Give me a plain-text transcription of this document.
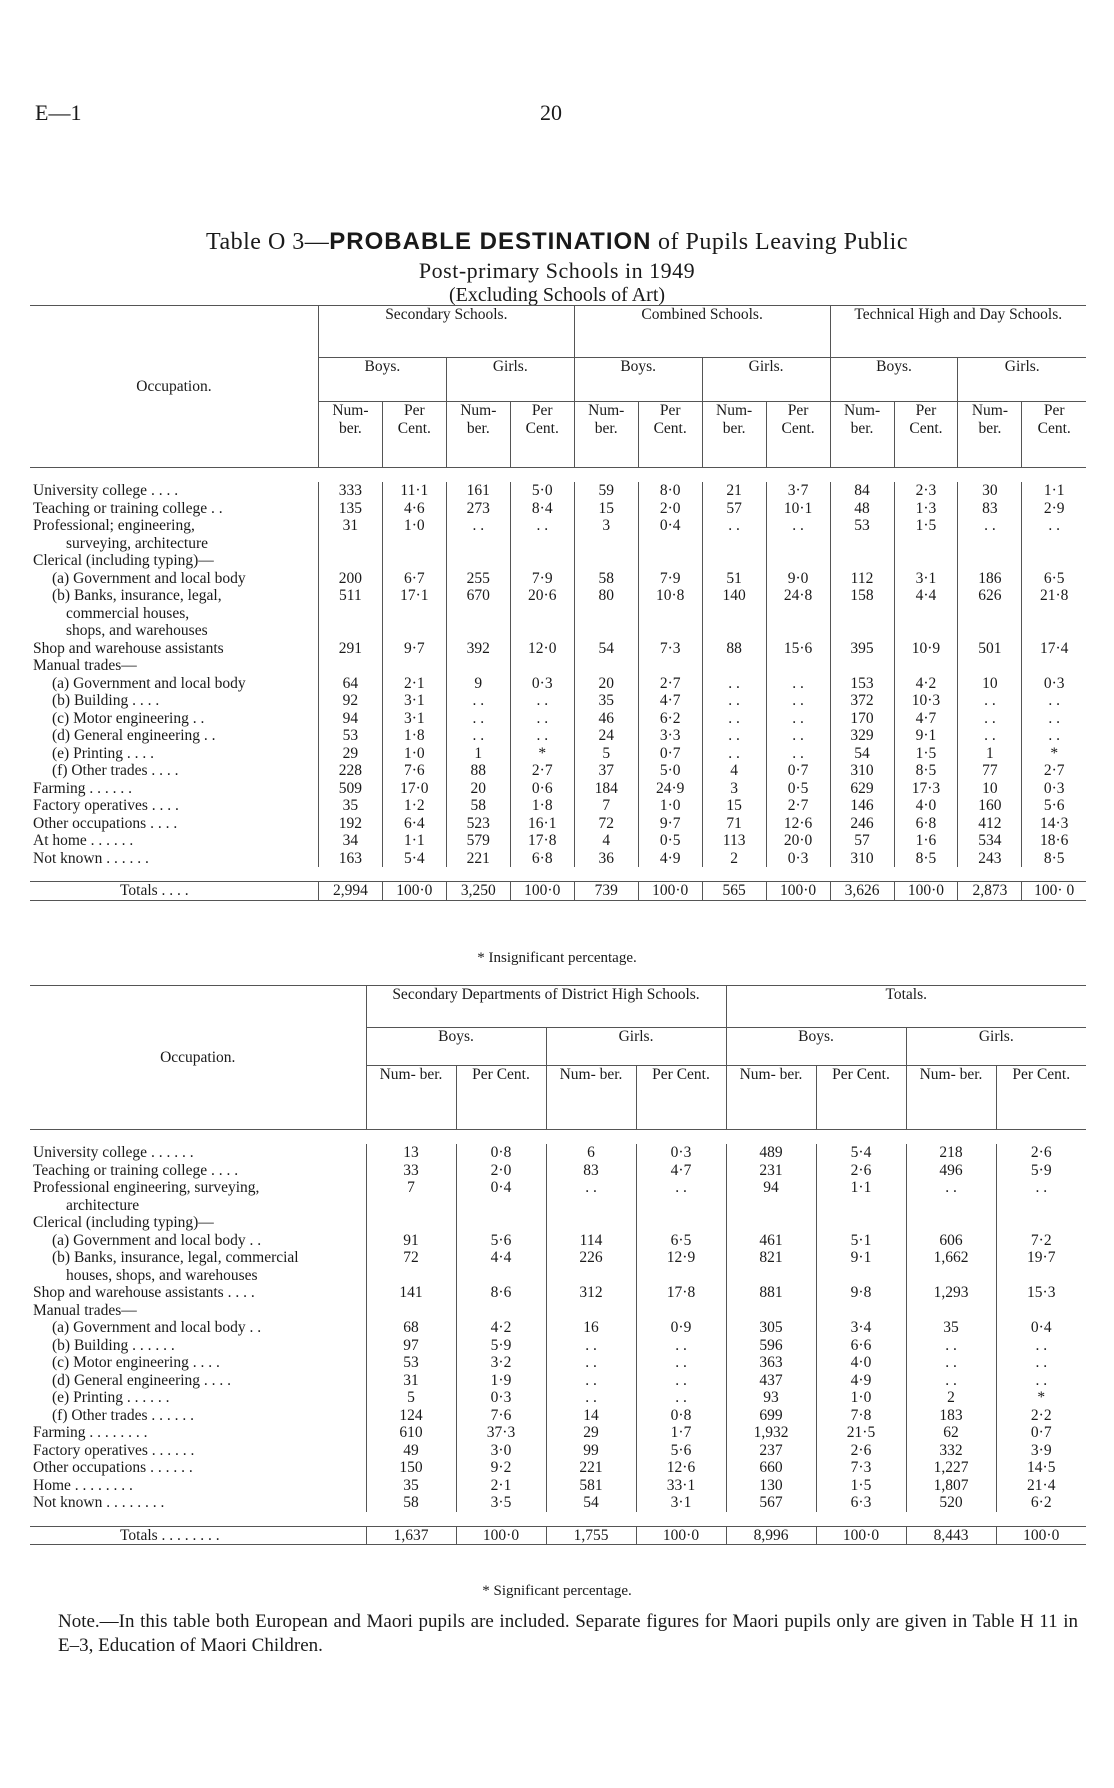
E—1	20
Table O 3—PROBABLE DESTINATION of Pupils Leaving Public
Post-primary Schools in 1949
(Excluding Schools of Art)
Occupation.	Secondary Schools.				Combined Schools.				Technical High and Day Schools.			
	Boys.		Girls.		Boys.		Girls.		Boys.		Girls.	
	Num- ber.	Per Cent.	Num- ber.	Per Cent.	Num- ber.	Per Cent.	Num- ber.	Per Cent.	Num- ber.	Per Cent.	Num- ber.	Per Cent.

University college . . . .	333	11·1	161	5·0	59	8·0	21	3·7	84	2·3	30	1·1
Teaching or training college . .	135	4·6	273	8·4	15	2·0	57	10·1	48	1·3	83	2·9
Professional; engineering,	31	1·0	. .	. .	3	0·4	. .	. .	53	1·5	. .	. .
surveying, architecture												
Clerical (including typing)—												
(a) Government and local body	200	6·7	255	7·9	58	7·9	51	9·0	112	3·1	186	6·5
(b) Banks, insurance, legal,	511	17·1	670	20·6	80	10·8	140	24·8	158	4·4	626	21·8
commercial houses,												
shops, and warehouses												
Shop and warehouse assistants	291	9·7	392	12·0	54	7·3	88	15·6	395	10·9	501	17·4
Manual trades—												
(a) Government and local body	64	2·1	9	0·3	20	2·7	. .	. .	153	4·2	10	0·3
(b) Building . . . .	92	3·1	. .	. .	35	4·7	. .	. .	372	10·3	. .	. .
(c) Motor engineering . .	94	3·1	. .	. .	46	6·2	. .	. .	170	4·7	. .	. .
(d) General engineering . .	53	1·8	. .	. .	24	3·3	. .	. .	329	9·1	. .	. .
(e) Printing . . . .	29	1·0	1	*	5	0·7	. .	. .	54	1·5	1	*
(f) Other trades . . . .	228	7·6	88	2·7	37	5·0	4	0·7	310	8·5	77	2·7
Farming . . . . . .	509	17·0	20	0·6	184	24·9	3	0·5	629	17·3	10	0·3
Factory operatives . . . .	35	1·2	58	1·8	7	1·0	15	2·7	146	4·0	160	5·6
Other occupations . . . .	192	6·4	523	16·1	72	9·7	71	12·6	246	6·8	412	14·3
At home . . . . . .	34	1·1	579	17·8	4	0·5	113	20·0	57	1·6	534	18·6
Not known . . . . . .	163	5·4	221	6·8	36	4·9	2	0·3	310	8·5	243	8·5

Totals . . . .	2,994	100·0	3,250	100·0	739	100·0	565	100·0	3,626	100·0	2,873	100· 0
* Insignificant percentage.
Occupation.	Secondary Departments of District High Schools.				Totals.			
	Boys.		Girls.		Boys.		Girls.	
	Num- ber.	Per Cent.	Num- ber.	Per Cent.	Num- ber.	Per Cent.	Num- ber.	Per Cent.

University college . . . . . .	13	0·8	6	0·3	489	5·4	218	2·6
Teaching or training college . . . .	33	2·0	83	4·7	231	2·6	496	5·9
Professional engineering, surveying,	7	0·4	. .	. .	94	1·1	. .	. .
architecture								
Clerical (including typing)—								
(a) Government and local body . .	91	5·6	114	6·5	461	5·1	606	7·2
(b) Banks, insurance, legal, commercial	72	4·4	226	12·9	821	9·1	1,662	19·7
houses, shops, and warehouses								
Shop and warehouse assistants . . . .	141	8·6	312	17·8	881	9·8	1,293	15·3
Manual trades—								
(a) Government and local body . .	68	4·2	16	0·9	305	3·4	35	0·4
(b) Building . . . . . .	97	5·9	. .	. .	596	6·6	. .	. .
(c) Motor engineering . . . .	53	3·2	. .	. .	363	4·0	. .	. .
(d) General engineering . . . .	31	1·9	. .	. .	437	4·9	. .	. .
(e) Printing . . . . . .	5	0·3	. .	. .	93	1·0	2	*
(f) Other trades . . . . . .	124	7·6	14	0·8	699	7·8	183	2·2
Farming . . . . . . . .	610	37·3	29	1·7	1,932	21·5	62	0·7
Factory operatives . . . . . .	49	3·0	99	5·6	237	2·6	332	3·9
Other occupations . . . . . .	150	9·2	221	12·6	660	7·3	1,227	14·5
Home . . . . . . . .	35	2·1	581	33·1	130	1·5	1,807	21·4
Not known . . . . . . . .	58	3·5	54	3·1	567	6·3	520	6·2

Totals . . . . . . . .	1,637	100·0	1,755	100·0	8,996	100·0	8,443	100·0
* Significant percentage.
Note.—In this table both European and Maori pupils are included. Separate figures for Maori pupils only are given in Table H 11 in E–3, Education of Maori Children.
